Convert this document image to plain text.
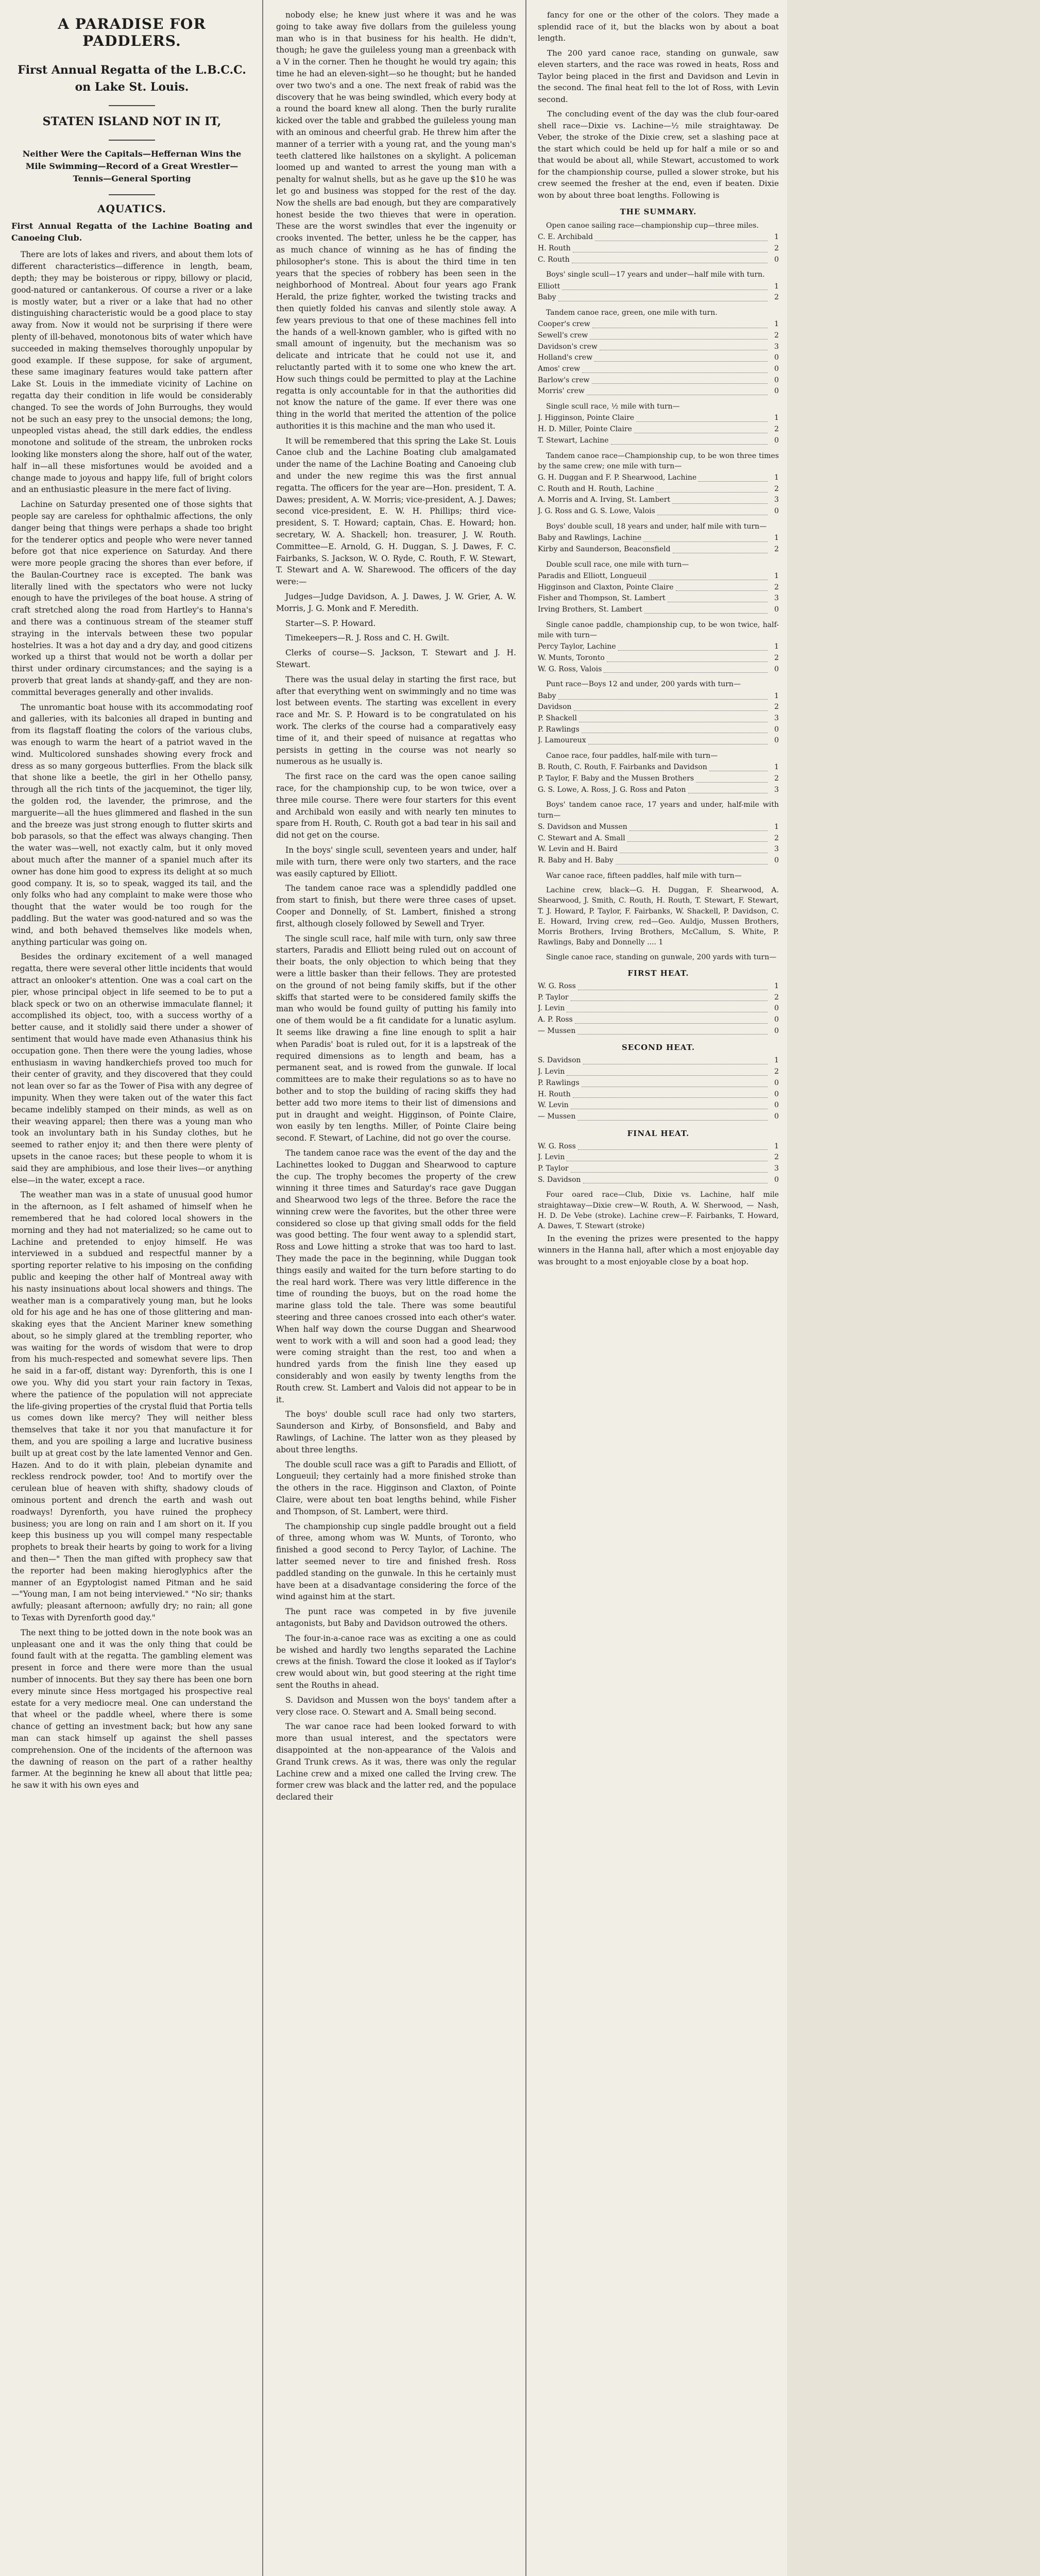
A PARADISE FOR PADDLERS.
First Annual Regatta of the L.B.C.C. on Lake St. Louis.
STATEN ISLAND NOT IN IT,
Neither Were the Capitals—Heffernan Wins the Mile Swimming—Record of a Great Wrestler—Tennis—General Sporting
AQUATICS.
First Annual Regatta of the Lachine Boating and Canoeing Club.

There are lots of lakes and rivers, and about them lots of different characteristics—difference in length, beam, depth; they may be boisterous or rippy, billowy or placid, good-natured or cantankerous. Of course a river or a lake is mostly water, but a river or a lake that had no other distinguishing characteristic would be a good place to stay away from. Now it would not be surprising if there were plenty of ill-behaved, monotonous bits of water which have succeeded in making themselves thoroughly unpopular by good example. If these suppose, for sake of argument, these same imaginary features would take pattern after Lake St. Louis in the immediate vicinity of Lachine on regatta day their condition in life would be considerably changed. To see the words of John Burroughs, they would not be such an easy prey to the unsocial demons; the long, unpeopled vistas ahead, the still dark eddies, the endless monotone and solitude of the stream, the unbroken rocks looking like monsters along the shore, half out of the water, half in—all these misfortunes would be avoided and a change made to joyous and happy life, full of bright colors and an enthusiastic pleasure in the mere fact of living.

Lachine on Saturday presented one of those sights that people say are careless for ophthalmic affections, the only danger being that things were perhaps a shade too bright for the tenderer optics and people who were never tanned before got that nice experience on Saturday. And there were more people gracing the shores than ever before, if the Baulan-Courtney race is excepted. The bank was literally lined with the spectators who were not lucky enough to have the privileges of the boat house. A string of craft stretched along the road from Hartley's to Hanna's and there was a continuous stream of the steamer stuff straying in the intervals between these two popular hostelries. It was a hot day and a dry day, and good citizens worked up a thirst that would not be worth a dollar per thirst under ordinary circumstances; and the saying is a proverb that great lands at shandy-gaff, and they are non-committal beverages generally and other invalids.

The unromantic boat house with its accommodating roof and galleries, with its balconies all draped in bunting and from its flagstaff floating the colors of the various clubs, was enough to warm the heart of a patriot waved in the wind. Multicolored sunshades showing every frock and dress as so many gorgeous butterflies. From the black silk that shone like a beetle, the girl in her Othello pansy, through all the rich tints of the jacqueminot, the tiger lily, the golden rod, the lavender, the primrose, and the marguerite—all the hues glimmered and flashed in the sun and the breeze was just strong enough to flutter skirts and bob parasols, so that the effect was always changing. Then the water was—well, not exactly calm, but it only moved about much after the manner of a spaniel much after its owner has done him good to express its delight at so much good company. It is, so to speak, wagged its tail, and the only folks who had any complaint to make were those who thought that the water would be too rough for the paddling. But the water was good-natured and so was the wind, and both behaved themselves like models when, anything particular was going on.

Besides the ordinary excitement of a well managed regatta, there were several other little incidents that would attract an onlooker's attention. One was a coal cart on the pier, whose principal object in life seemed to be to put a black speck or two on an otherwise immaculate flannel; it accomplished its object, too, with a success worthy of a better cause, and it stolidly said there under a shower of sentiment that would have made even Athanasius think his occupation gone. Then there were the young ladies, whose enthusiasm in waving handkerchiefs proved too much for their center of gravity, and they discovered that they could not lean over so far as the Tower of Pisa with any degree of impunity. When they were taken out of the water this fact became indelibly stamped on their minds, as well as on their weaving apparel; then there was a young man who took an involuntary bath in his Sunday clothes, but he seemed to rather enjoy it; and then there were plenty of upsets in the canoe races; but these people to whom it is said they are amphibious, and lose their lives—or anything else—in the water, except a race.

The weather man was in a state of unusual good humor in the afternoon, as I felt ashamed of himself when he remembered that he had colored local showers in the morning and they had not materialized; so he came out to Lachine and pretended to enjoy himself. He was interviewed in a subdued and respectful manner by a sporting reporter relative to his imposing on the confiding public and keeping the other half of Montreal away with his nasty insinuations about local showers and things. The weather man is a comparatively young man, but he looks old for his age and he has one of those glittering and man-skaking eyes that the Ancient Mariner knew something about, so he simply glared at the trembling reporter, who was waiting for the words of wisdom that were to drop from his much-respected and somewhat severe lips. Then he said in a far-off, distant way: Dyrenforth, this is one I owe you. Why did you start your rain factory in Texas, where the patience of the population will not appreciate the life-giving properties of the crystal fluid that Portia tells us comes down like mercy? They will neither bless themselves that take it nor you that manufacture it for them, and you are spoiling a large and lucrative business built up at great cost by the late lamented Vennor and Gen. Hazen. And to do it with plain, plebeian dynamite and reckless rendrock powder, too! And to mortify over the cerulean blue of heaven with shifty, shadowy clouds of ominous portent and drench the earth and wash out roadways! Dyrenforth, you have ruined the prophecy business; you are long on rain and I am short on it. If you keep this business up you will compel many respectable prophets to break their hearts by going to work for a living and then—" Then the man gifted with prophecy saw that the reporter had been making hieroglyphics after the manner of an Egyptologist named Pitman and he said—"Young man, I am not being interviewed." "No sir; thanks awfully; pleasant afternoon; awfully dry; no rain; all gone to Texas with Dyrenforth good day."

The next thing to be jotted down in the note book was an unpleasant one and it was the only thing that could be found fault with at the regatta. The gambling element was present in force and there were more than the usual number of innocents. But they say there has been one born every minute since Hess mortgaged his prospective real estate for a very mediocre meal. One can understand the that wheel or the paddle wheel, where there is some chance of getting an investment back; but how any sane man can stack himself up against the shell passes comprehension. One of the incidents of the afternoon was the dawning of reason on the part of a rather healthy farmer. At the beginning he knew all about that little pea; he saw it with his own eyes and

nobody else; he knew just where it was and he was going to take away five dollars from the guileless young man who is in that business for his health. He didn't, though; he gave the guileless young man a greenback with a V in the corner. Then he thought he would try again; this time he had an eleven-sight—so he thought; but he handed over two two's and a one. The next freak of rabid was the discovery that he was being swindled, which every body at a round the board knew all along. Then the burly ruralite kicked over the table and grabbed the guileless young man with an ominous and cheerful grab. He threw him after the manner of a terrier with a young rat, and the young man's teeth clattered like hailstones on a skylight. A policeman loomed up and wanted to arrest the young man with a penalty for walnut shells, but as he gave up the $10 he was let go and business was stopped for the rest of the day. Now the shells are bad enough, but they are comparatively honest beside the two thieves that were in operation. These are the worst swindles that ever the ingenuity or crooks invented. The better, unless he be the capper, has as much chance of winning as he has of finding the philosopher's stone. This is about the third time in ten years that the species of robbery has been seen in the neighborhood of Montreal. About four years ago Frank Herald, the prize fighter, worked the twisting tracks and then quietly folded his canvas and silently stole away. A few years previous to that one of these machines fell into the hands of a well-known gambler, who is gifted with no small amount of ingenuity, but the mechanism was so delicate and intricate that he could not use it, and reluctantly parted with it to some one who knew the art. How such things could be permitted to play at the Lachine regatta is only accountable for in that the authorities did not know the nature of the game. If ever there was one thing in the world that merited the attention of the police authorities it is this machine and the man who used it.

It will be remembered that this spring the Lake St. Louis Canoe club and the Lachine Boating club amalgamated under the name of the Lachine Boating and Canoeing club and under the new regime this was the first annual regatta. The officers for the year are—Hon. president, T. A. Dawes; president, A. W. Morris; vice-president, A. J. Dawes; second vice-president, E. W. H. Phillips; third vice-president, S. T. Howard; captain, Chas. E. Howard; hon. secretary, W. A. Shackell; hon. treasurer, J. W. Routh. Committee—E. Arnold, G. H. Duggan, S. J. Dawes, F. C. Fairbanks, S. Jackson, W. O. Ryde, C. Routh, F. W. Stewart, T. Stewart and A. W. Sharewood. The officers of the day were:—

Judges—Judge Davidson, A. J. Dawes, J. W. Grier, A. W. Morris, J. G. Monk and F. Meredith.

Starter—S. P. Howard.

Timekeepers—R. J. Ross and C. H. Gwilt.

Clerks of course—S. Jackson, T. Stewart and J. H. Stewart.

There was the usual delay in starting the first race, but after that everything went on swimmingly and no time was lost between events. The starting was excellent in every race and Mr. S. P. Howard is to be congratulated on his work. The clerks of the course had a comparatively easy time of it, and their speed of nuisance at regattas who persists in getting in the course was not nearly so numerous as he usually is.

The first race on the card was the open canoe sailing race, for the championship cup, to be won twice, over a three mile course. There were four starters for this event and Archibald won easily and with nearly ten minutes to spare from H. Routh, C. Routh got a bad tear in his sail and did not get on the course.

In the boys' single scull, seventeen years and under, half mile with turn, there were only two starters, and the race was easily captured by Elliott.

The tandem canoe race was a splendidly paddled one from start to finish, but there were three cases of upset. Cooper and Donnelly, of St. Lambert, finished a strong first, although closely followed by Sewell and Tryer.

The single scull race, half mile with turn, only saw three starters, Paradis and Elliott being ruled out on account of their boats, the only objection to which being that they were a little basker than their fellows. They are protested on the ground of not being family skiffs, but if the other skiffs that started were to be considered family skiffs the man who would be found guilty of putting his family into one of them would be a fit candidate for a lunatic asylum. It seems like drawing a fine line enough to split a hair when Paradis' boat is ruled out, for it is a lapstreak of the required dimensions as to length and beam, has a permanent seat, and is rowed from the gunwale. If local committees are to make their regulations so as to have no bother and to stop the building of racing skiffs they had better add two more items to their list of dimensions and put in draught and weight. Higginson, of Pointe Claire, won easily by ten lengths. Miller, of Pointe Claire being second. F. Stewart, of Lachine, did not go over the course.

The tandem canoe race was the event of the day and the Lachinettes looked to Duggan and Shearwood to capture the cup. The trophy becomes the property of the crew winning it three times and Saturday's race gave Duggan and Shearwood two legs of the three. Before the race the winning crew were the favorites, but the other three were considered so close up that giving small odds for the field was good betting. The four went away to a splendid start, Ross and Lowe hitting a stroke that was too hard to last. They made the pace in the beginning, while Duggan took things easily and waited for the turn before starting to do the real hard work. There was very little difference in the time of rounding the buoys, but on the road home the marine glass told the tale. There was some beautiful steering and three canoes crossed into each other's water. When half way down the course Duggan and Shearwood went to work with a will and soon had a good lead; they were coming straight than the rest, too and when a hundred yards from the finish line they eased up considerably and won easily by twenty lengths from the Routh crew. St. Lambert and Valois did not appear to be in it.

The boys' double scull race had only two starters, Saunderson and Kirby, of Bonsonsfield, and Baby and Rawlings, of Lachine. The latter won as they pleased by about three lengths.

The double scull race was a gift to Paradis and Elliott, of Longueuil; they certainly had a more finished stroke than the others in the race. Higginson and Claxton, of Pointe Claire, were about ten boat lengths behind, while Fisher and Thompson, of St. Lambert, were third.

The championship cup single paddle brought out a field of three, among whom was W. Munts, of Toronto, who finished a good second to Percy Taylor, of Lachine. The latter seemed never to tire and finished fresh. Ross paddled standing on the gunwale. In this he certainly must have been at a disadvantage considering the force of the wind against him at the start.

The punt race was competed in by five juvenile antagonists, but Baby and Davidson outrowed the others.

The four-in-a-canoe race was as exciting a one as could be wished and hardly two lengths separated the Lachine crews at the finish. Toward the close it looked as if Taylor's crew would about win, but good steering at the right time sent the Rouths in ahead.

S. Davidson and Mussen won the boys' tandem after a very close race. O. Stewart and A. Small being second.

The war canoe race had been looked forward to with more than usual interest, and the spectators were disappointed at the non-appearance of the Valois and Grand Trunk crews. As it was, there was only the regular Lachine crew and a mixed one called the Irving crew. The former crew was black and the latter red, and the populace declared their

fancy for one or the other of the colors. They made a splendid race of it, but the blacks won by about a boat length.

The 200 yard canoe race, standing on gunwale, saw eleven starters, and the race was rowed in heats, Ross and Taylor being placed in the first and Davidson and Levin in the second. The final heat fell to the lot of Ross, with Levin second.

The concluding event of the day was the club four-oared shell race—Dixie vs. Lachine—½ mile straightaway. De Veber, the stroke of the Dixie crew, set a slashing pace at the start which could be held up for half a mile or so and that would be about all, while Stewart, accustomed to work for the championship course, pulled a slower stroke, but his crew seemed the fresher at the end, even if beaten. Dixie won by about three boat lengths. Following is

THE SUMMARY.

Open canoe sailing race—championship cup—three miles.

C. E. Archibald	1
H. Routh	2
C. Routh	0

Boys' single scull—17 years and under—half mile with turn.

Elliott	1
Baby	2

Tandem canoe race, green, one mile with turn.

Cooper's crew	1
Sewell's crew	2
Davidson's crew	3
Holland's crew	0
Amos' crew	0
Barlow's crew	0
Morris' crew	0

Single scull race, ½ mile with turn—

J. Higginson, Pointe Claire	1
H. D. Miller, Pointe Claire	2
T. Stewart, Lachine	0

Tandem canoe race—Championship cup, to be won three times by the same crew; one mile with turn—

G. H. Duggan and F. P. Shearwood, Lachine	1
C. Routh and H. Routh, Lachine	2
A. Morris and A. Irving, St. Lambert	3
J. G. Ross and G. S. Lowe, Valois	0

Boys' double scull, 18 years and under, half mile with turn—

Baby and Rawlings, Lachine	1
Kirby and Saunderson, Beaconsfield	2

Double scull race, one mile with turn—

Paradis and Elliott, Longueuil	1
Higginson and Claxton, Pointe Claire	2
Fisher and Thompson, St. Lambert	3
Irving Brothers, St. Lambert	0

Single canoe paddle, championship cup, to be won twice, half-mile with turn—

Percy Taylor, Lachine	1
W. Munts, Toronto	2
W. G. Ross, Valois	0

Punt race—Boys 12 and under, 200 yards with turn—

Baby	1
Davidson	2
P. Shackell	3
P. Rawlings	0
J. Lamoureux	0

Canoe race, four paddles, half-mile with turn—

B. Routh, C. Routh, F. Fairbanks and Davidson	1
P. Taylor, F. Baby and the Mussen Brothers	2
G. S. Lowe, A. Ross, J. G. Ross and Paton	3

Boys' tandem canoe race, 17 years and under, half-mile with turn—

S. Davidson and Mussen	1
C. Stewart and A. Small	2
W. Levin and H. Baird	3
R. Baby and H. Baby	0

War canoe race, fifteen paddles, half mile with turn—

Lachine crew, black—G. H. Duggan, F. Shearwood, A. Shearwood, J. Smith, C. Routh, H. Routh, T. Stewart, F. Stewart, T. J. Howard, P. Taylor, F. Fairbanks, W. Shackell, P. Davidson, C. E. Howard, Irving crew, red—Geo. Auldjo, Mussen Brothers, Morris Brothers, Irving Brothers, McCallum, S. White, P. Rawlings, Baby and Donnelly .... 1

Single canoe race, standing on gunwale, 200 yards with turn—

FIRST HEAT.
W. G. Ross	1
P. Taylor	2
J. Levin	0
A. P. Ross	0
— Mussen	0
SECOND HEAT.
S. Davidson	1
J. Levin	2
P. Rawlings	0
H. Routh	0
W. Levin	0
— Mussen	0
FINAL HEAT.
W. G. Ross	1
J. Levin	2
P. Taylor	3
S. Davidson	0

Four oared race—Club, Dixie vs. Lachine, half mile straightaway—Dixie crew—W. Routh, A. W. Sherwood, — Nash, H. D. De Vebe (stroke). Lachine crew—F. Fairbanks, T. Howard, A. Dawes, T. Stewart (stroke)

In the evening the prizes were presented to the happy winners in the Hanna hall, after which a most enjoyable day was brought to a most enjoyable close by a boat hop.
